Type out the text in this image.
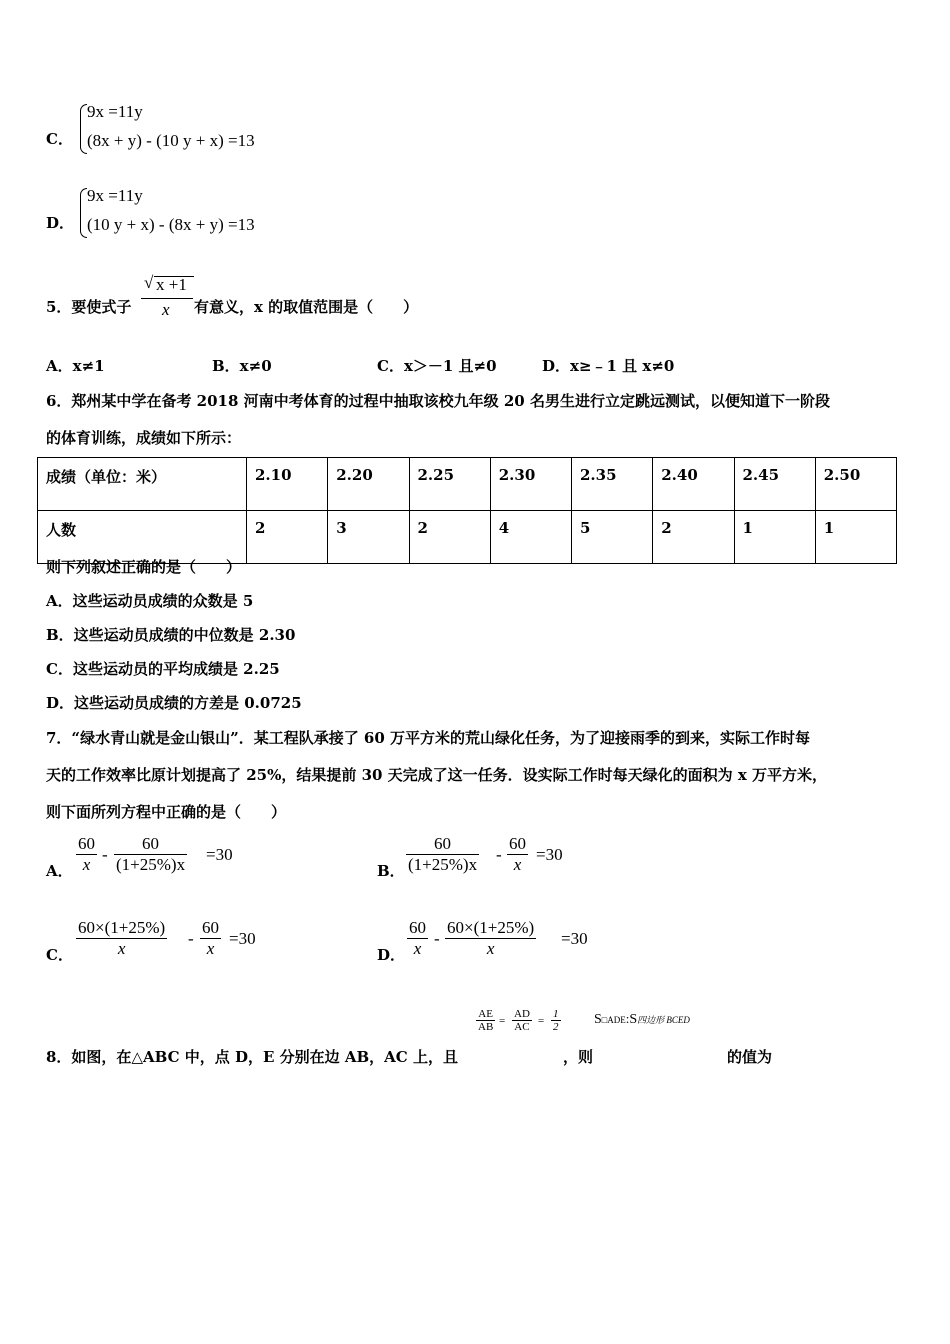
C．
9x =11y
(8x + y) - (10 y + x) =13
D．
9x =11y
(10 y + x) - (8x + y) =13
5．要使式子
√ x +1
x 有意义，x 的取值范围是（　　）
A．x≠1	B．x≠0	C．x＞－1 且≠0	D．x≥﹣1 且 x≠0
6．郑州某中学在备考 2018 河南中考体育的过程中抽取该校九年级 20 名男生进行立定跳远测试，以便知道下一阶段
的体育训练，成绩如下所示：
成绩（单位：米）	2.10	2.20	2.25	2.30	2.35	2.40	2.45	2.50
人数	2	3	2	4	5	2	1	1
则下列叙述正确的是（　　）
A．这些运动员成绩的众数是 5
B．这些运动员成绩的中位数是 2.30
C．这些运动员的平均成绩是 2.25
D．这些运动员成绩的方差是 0.0725
7．“绿水青山就是金山银山”．某工程队承接了 60 万平方米的荒山绿化任务，为了迎接雨季的到来，实际工作时每
天的工作效率比原计划提高了 25%，结果提前 30 天完成了这一任务．设实际工作时每天绿化的面积为 x 万平方米，
则下面所列方程中正确的是（　　）
A． $\frac{60}{x} - \frac{60}{(1+25\%)x} =30$
B． $\frac{60}{(1+25\%)x} - \frac{60}{x} =30$
C． $\frac{60\times(1+25\%)}{x} - \frac{60}{x} =30$
D． $\frac{60}{x} - \frac{60\times(1+25\%)}{x} =30$
$\frac{AE}{AB} = \frac{AD}{AC} = \frac{1}{2}$ S□ADE:S四边形 BCED
8．如图，在△ABC 中，点 D，E 分别在边 AB，AC 上，且	，则	的值为
